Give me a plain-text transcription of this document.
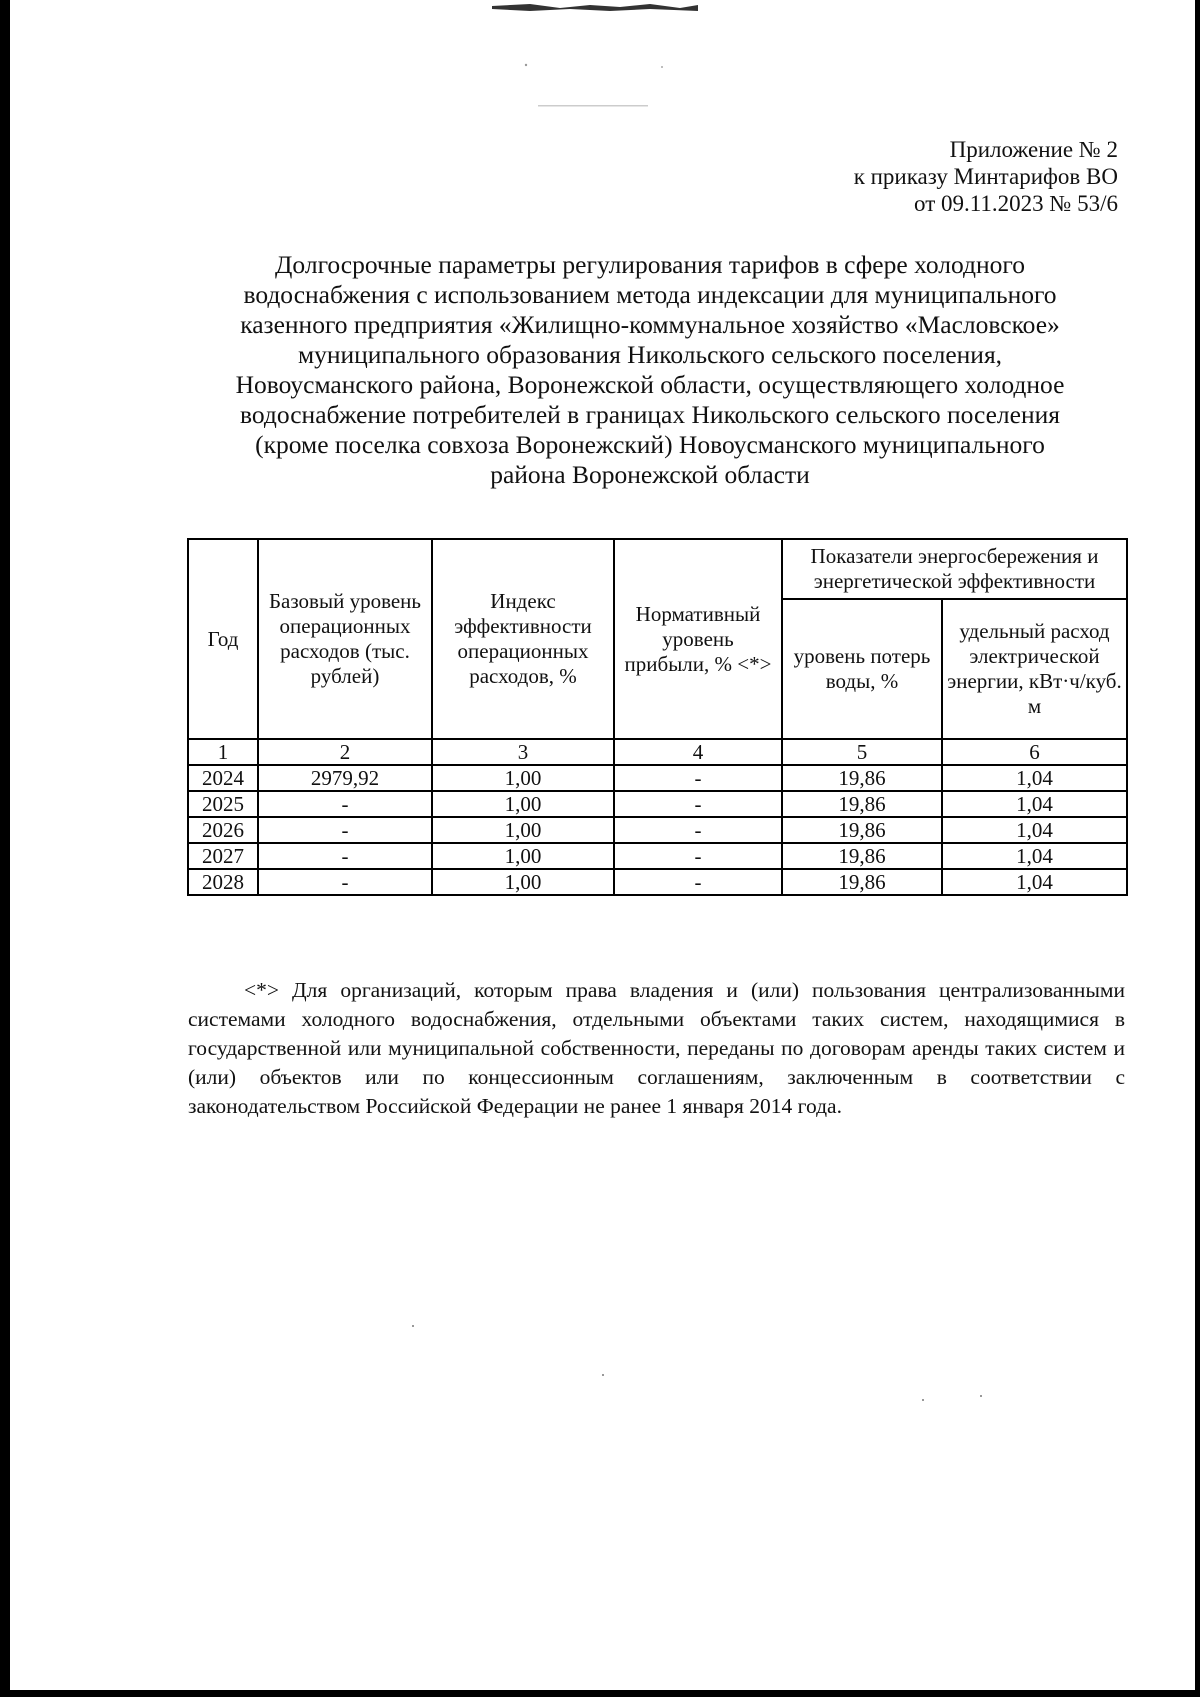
Приложение № 2
к приказу Минтарифов ВО
от 09.11.2023 № 53/6
Долгосрочные параметры регулирования тарифов в сфере холодного
водоснабжения с использованием метода индексации для муниципального
казенного предприятия «Жилищно-коммунальное хозяйство «Масловское»
муниципального образования Никольского сельского поселения,
Новоусманского района, Воронежской области, осуществляющего холодное
водоснабжение потребителей в границах Никольского сельского поселения
(кроме поселка совхоза Воронежский) Новоусманского муниципального
района Воронежской области
Год	Базовый уровень операционных расходов (тыс. рублей)	Индекс эффективности операционных расходов, %	Нормативный уровень прибыли, % <*>	Показатели энергосбережения и энергетической эффективности	
				уровень потерь воды, %	удельный расход электрической энергии, кВт·ч/куб. м
1	2	3	4	5	6
2024	2979,92	1,00	-	19,86	1,04
2025	-	1,00	-	19,86	1,04
2026	-	1,00	-	19,86	1,04
2027	-	1,00	-	19,86	1,04
2028	-	1,00	-	19,86	1,04
<*> Для организаций, которым права владения и (или) пользования централизованными системами холодного водоснабжения, отдельными объектами таких систем, находящимися в государственной или муниципальной собственности, переданы по договорам аренды таких систем и (или) объектов или по концессионным соглашениям, заключенным в соответствии с законодательством Российской Федерации не ранее 1 января 2014 года.
